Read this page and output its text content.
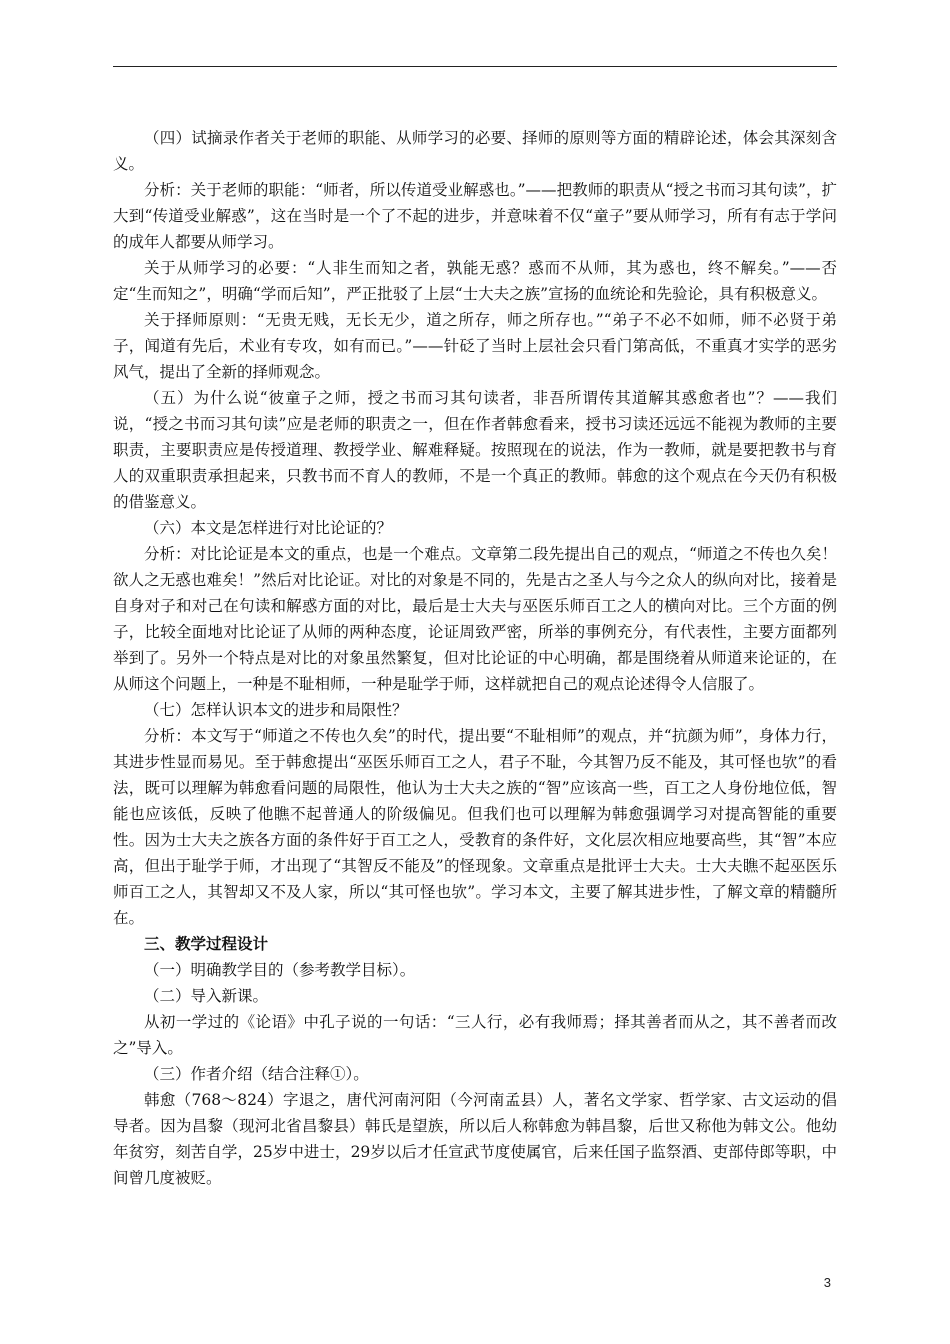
（四）试摘录作者关于老师的职能、从师学习的必要、择师的原则等方面的精辟论述，体会其深刻含义。

分析：关于老师的职能：“师者，所以传道受业解惑也。”——把教师的职责从“授之书而习其句读”，扩大到“传道受业解惑”，这在当时是一个了不起的进步，并意味着不仅“童子”要从师学习，所有有志于学问的成年人都要从师学习。

关于从师学习的必要：“人非生而知之者，孰能无惑？惑而不从师，其为惑也，终不解矣。”——否定“生而知之”，明确“学而后知”，严正批驳了上层“士大夫之族”宣扬的血统论和先验论，具有积极意义。

关于择师原则：“无贵无贱，无长无少，道之所存，师之所存也。”“弟子不必不如师，师不必贤于弟子，闻道有先后，术业有专攻，如有而已。”——针砭了当时上层社会只看门第高低，不重真才实学的恶劣风气，提出了全新的择师观念。

（五）为什么说“彼童子之师，授之书而习其句读者，非吾所谓传其道解其惑愈者也”？——我们说，“授之书而习其句读”应是老师的职责之一，但在作者韩愈看来，授书习读还远远不能视为教师的主要职责，主要职责应是传授道理、教授学业、解难释疑。按照现在的说法，作为一教师，就是要把教书与育人的双重职责承担起来，只教书而不育人的教师，不是一个真正的教师。韩愈的这个观点在今天仍有积极的借鉴意义。

（六）本文是怎样进行对比论证的？

分析：对比论证是本文的重点，也是一个难点。文章第二段先提出自己的观点，“师道之不传也久矣！欲人之无惑也难矣！”然后对比论证。对比的对象是不同的，先是古之圣人与今之众人的纵向对比，接着是自身对子和对己在句读和解惑方面的对比，最后是士大夫与巫医乐师百工之人的横向对比。三个方面的例子，比较全面地对比论证了从师的两种态度，论证周致严密，所举的事例充分，有代表性，主要方面都列举到了。另外一个特点是对比的对象虽然繁复，但对比论证的中心明确，都是围绕着从师道来论证的，在从师这个问题上，一种是不耻相师，一种是耻学于师，这样就把自己的观点论述得令人信服了。

（七）怎样认识本文的进步和局限性？

分析：本文写于“师道之不传也久矣”的时代，提出要“不耻相师”的观点，并“抗颜为师”，身体力行，其进步性显而易见。至于韩愈提出“巫医乐师百工之人，君子不耻，今其智乃反不能及，其可怪也欤”的看法，既可以理解为韩愈看问题的局限性，他认为士大夫之族的“智”应该高一些，百工之人身份地位低，智能也应该低，反映了他瞧不起普通人的阶级偏见。但我们也可以理解为韩愈强调学习对提高智能的重要性。因为士大夫之族各方面的条件好于百工之人，受教育的条件好，文化层次相应地要高些，其“智”本应高，但出于耻学于师，才出现了“其智反不能及”的怪现象。文章重点是批评士大夫。士大夫瞧不起巫医乐师百工之人，其智却又不及人家，所以“其可怪也欤”。学习本文，主要了解其进步性，了解文章的精髓所在。

三、教学过程设计

（一）明确教学目的（参考教学目标）。

（二）导入新课。

从初一学过的《论语》中孔子说的一句话：“三人行，必有我师焉；择其善者而从之，其不善者而改之”导入。

（三）作者介绍（结合注释①）。

韩愈（768～824）字退之，唐代河南河阳（今河南孟县）人，著名文学家、哲学家、古文运动的倡导者。因为昌黎（现河北省昌黎县）韩氏是望族，所以后人称韩愈为韩昌黎，后世又称他为韩文公。他幼年贫穷，刻苦自学，25岁中进士，29岁以后才任宣武节度使属官，后来任国子监祭酒、吏部侍郎等职，中间曾几度被贬。

3
